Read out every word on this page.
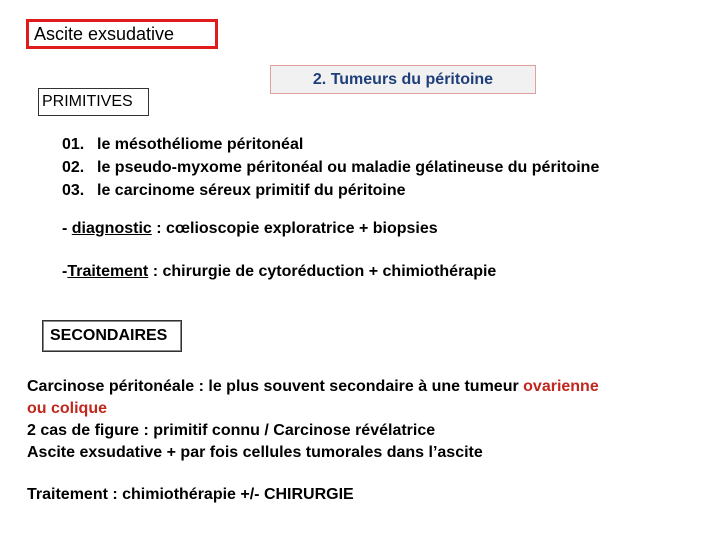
Ascite exsudative
2. Tumeurs du péritoine
PRIMITIVES
01. le mésothéliome péritonéal
02. le pseudo-myxome péritonéal ou maladie gélatineuse du péritoine
03. le carcinome séreux primitif du péritoine
- diagnostic : cœlioscopie exploratrice + biopsies
-Traitement : chirurgie de cytoréduction + chimiothérapie
SECONDAIRES
Carcinose péritonéale : le plus souvent secondaire à une tumeur ovarienne
ou colique
2 cas de figure : primitif connu / Carcinose révélatrice
Ascite exsudative + par fois cellules tumorales dans l’ascite
Traitement : chimiothérapie +/- CHIRURGIE
